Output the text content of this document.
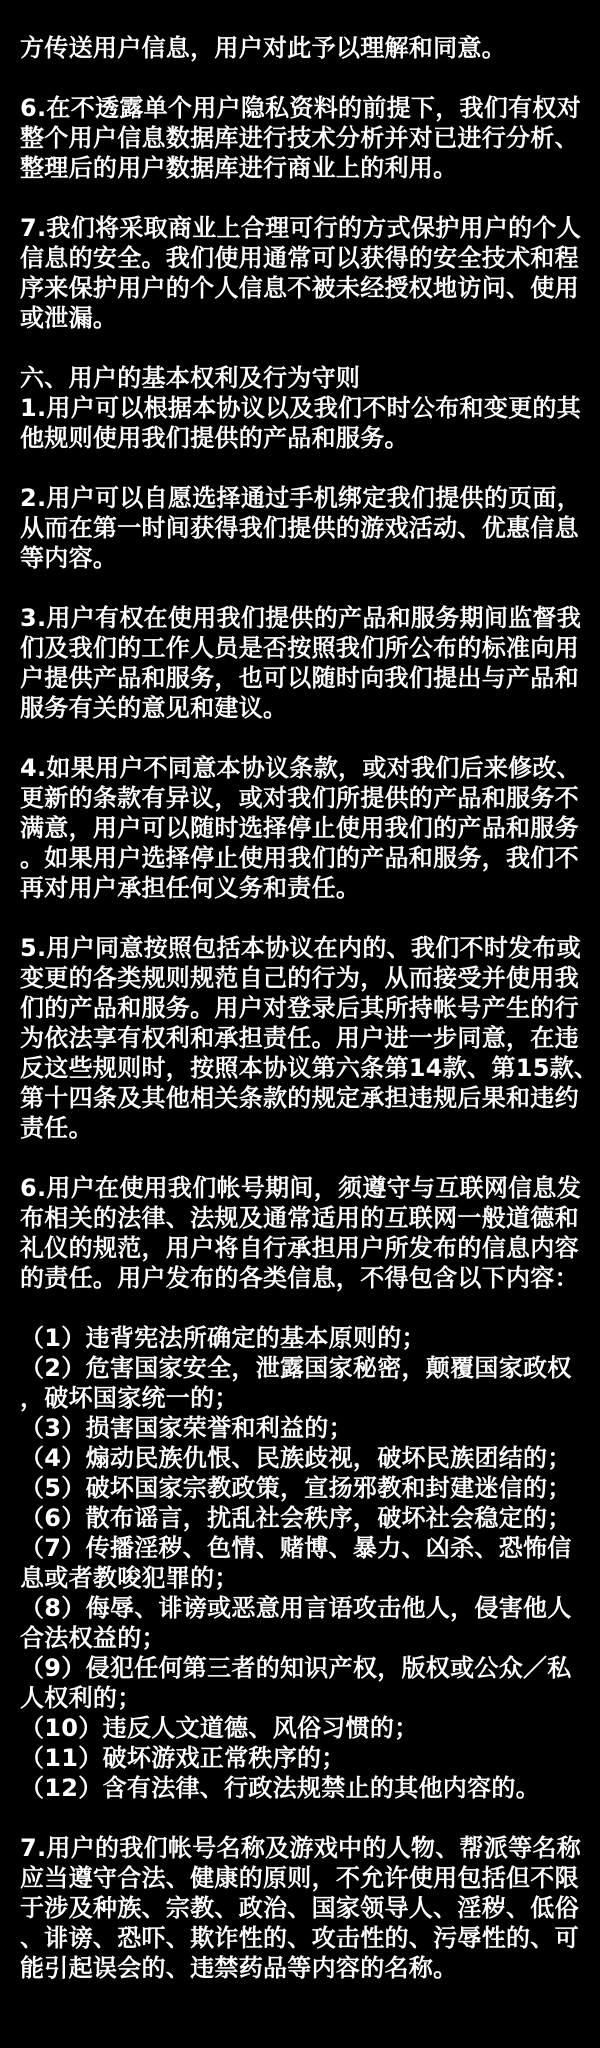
方传送用户信息，用户对此予以理解和同意。
6.在不透露单个用户隐私资料的前提下，我们有权对
整个用户信息数据库进行技术分析并对已进行分析、
整理后的用户数据库进行商业上的利用。
7.我们将采取商业上合理可行的方式保护用户的个人
信息的安全。我们使用通常可以获得的安全技术和程
序来保护用户的个人信息不被未经授权地访问、使用
或泄漏。
六、用户的基本权利及行为守则
1.用户可以根据本协议以及我们不时公布和变更的其
他规则使用我们提供的产品和服务。
2.用户可以自愿选择通过手机绑定我们提供的页面，
从而在第一时间获得我们提供的游戏活动、优惠信息
等内容。
3.用户有权在使用我们提供的产品和服务期间监督我
们及我们的工作人员是否按照我们所公布的标准向用
户提供产品和服务，也可以随时向我们提出与产品和
服务有关的意见和建议。
4.如果用户不同意本协议条款，或对我们后来修改、
更新的条款有异议，或对我们所提供的产品和服务不
满意，用户可以随时选择停止使用我们的产品和服务
。如果用户选择停止使用我们的产品和服务，我们不
再对用户承担任何义务和责任。
5.用户同意按照包括本协议在内的、我们不时发布或
变更的各类规则规范自己的行为，从而接受并使用我
们的产品和服务。用户对登录后其所持帐号产生的行
为依法享有权利和承担责任。用户进一步同意，在违
反这些规则时，按照本协议第六条第14款、第15款、
第十四条及其他相关条款的规定承担违规后果和违约
责任。
6.用户在使用我们帐号期间，须遵守与互联网信息发
布相关的法律、法规及通常适用的互联网一般道德和
礼仪的规范，用户将自行承担用户所发布的信息内容
的责任。用户发布的各类信息，不得包含以下内容：
（1）违背宪法所确定的基本原则的；
（2）危害国家安全，泄露国家秘密，颠覆国家政权
，破坏国家统一的；
（3）损害国家荣誉和利益的；
（4）煽动民族仇恨、民族歧视，破坏民族团结的；
（5）破坏国家宗教政策，宣扬邪教和封建迷信的；
（6）散布谣言，扰乱社会秩序，破坏社会稳定的；
（7）传播淫秽、色情、赌博、暴力、凶杀、恐怖信
息或者教唆犯罪的；
（8）侮辱、诽谤或恶意用言语攻击他人，侵害他人
合法权益的；
（9）侵犯任何第三者的知识产权，版权或公众／私
人权利的；
（10）违反人文道德、风俗习惯的；
（11）破坏游戏正常秩序的；
（12）含有法律、行政法规禁止的其他内容的。
7.用户的我们帐号名称及游戏中的人物、帮派等名称
应当遵守合法、健康的原则，不允许使用包括但不限
于涉及种族、宗教、政治、国家领导人、淫秽、低俗
、诽谤、恐吓、欺诈性的、攻击性的、污辱性的、可
能引起误会的、违禁药品等内容的名称。
